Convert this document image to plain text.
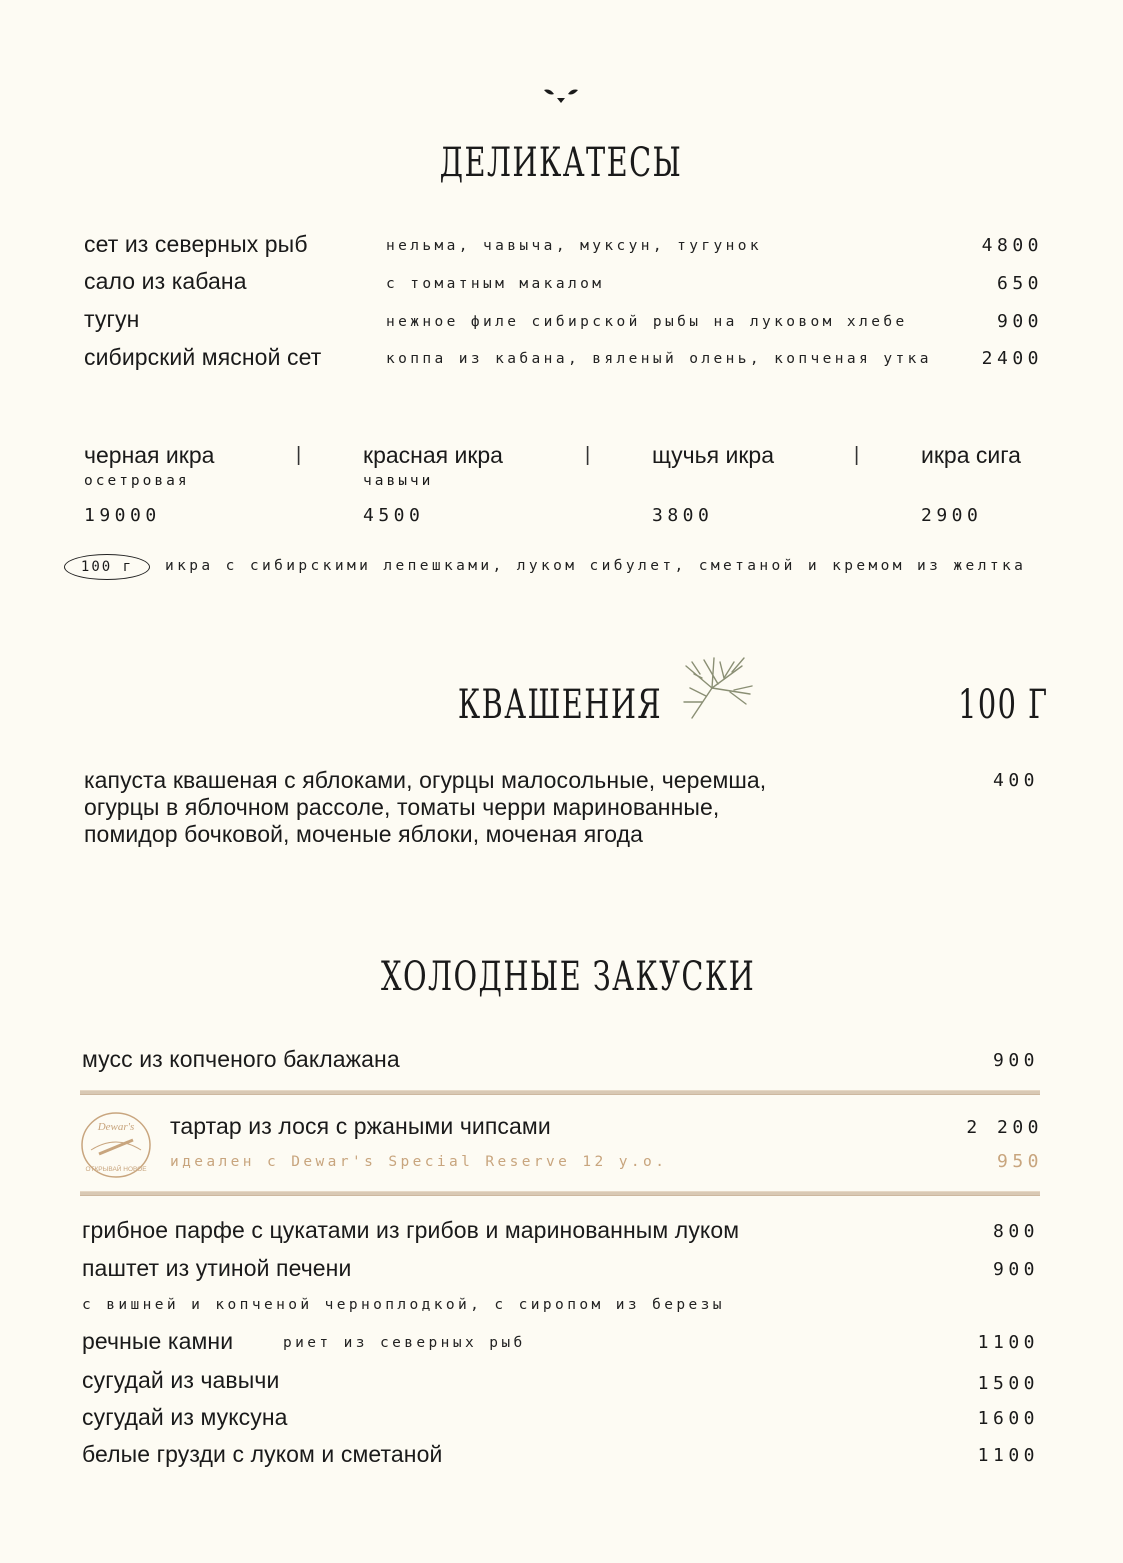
ДЕЛИКАТЕСЫ
сет из северных рыб	нельма, чавыча, муксун, тугунок	4800
сало из кабана	с томатным макалом	650
тугун	нежное филе сибирской рыбы на луковом хлебе	900
сибирский мясной сет	коппа из кабана, вяленый олень, копченая утка	2400
черная икра
осетровая
19000
|	красная икра
чавычи
4500
|	щучья икра
3800
|	икра сига
2900
100 г	икра с сибирскими лепешками, луком сибулет, сметаной и кремом из желтка
КВАШЕНИЯ	100 Г
капуста квашеная с яблоками, огурцы малосольные, черемша,
огурцы в яблочном рассоле, томаты черри маринованные,
помидор бочковой, моченые яблоки, моченая ягода
400
ХОЛОДНЫЕ ЗАКУСКИ
мусс из копченого баклажана	900
Dewar's
ОТКРЫВАЙ НОВОЕ
тартар из лося с ржаными чипсами	2 200
идеален с Dewar's Special Reserve 12 у.о.	950
грибное парфе с цукатами из грибов и маринованным луком	800
паштет из утиной печени	900
с вишней и копченой черноплодкой, с сиропом из березы
речные камни	риет из северных рыб	1100
сугудай из чавычи	1500
сугудай из муксуна	1600
белые грузди с луком и сметаной	1100
